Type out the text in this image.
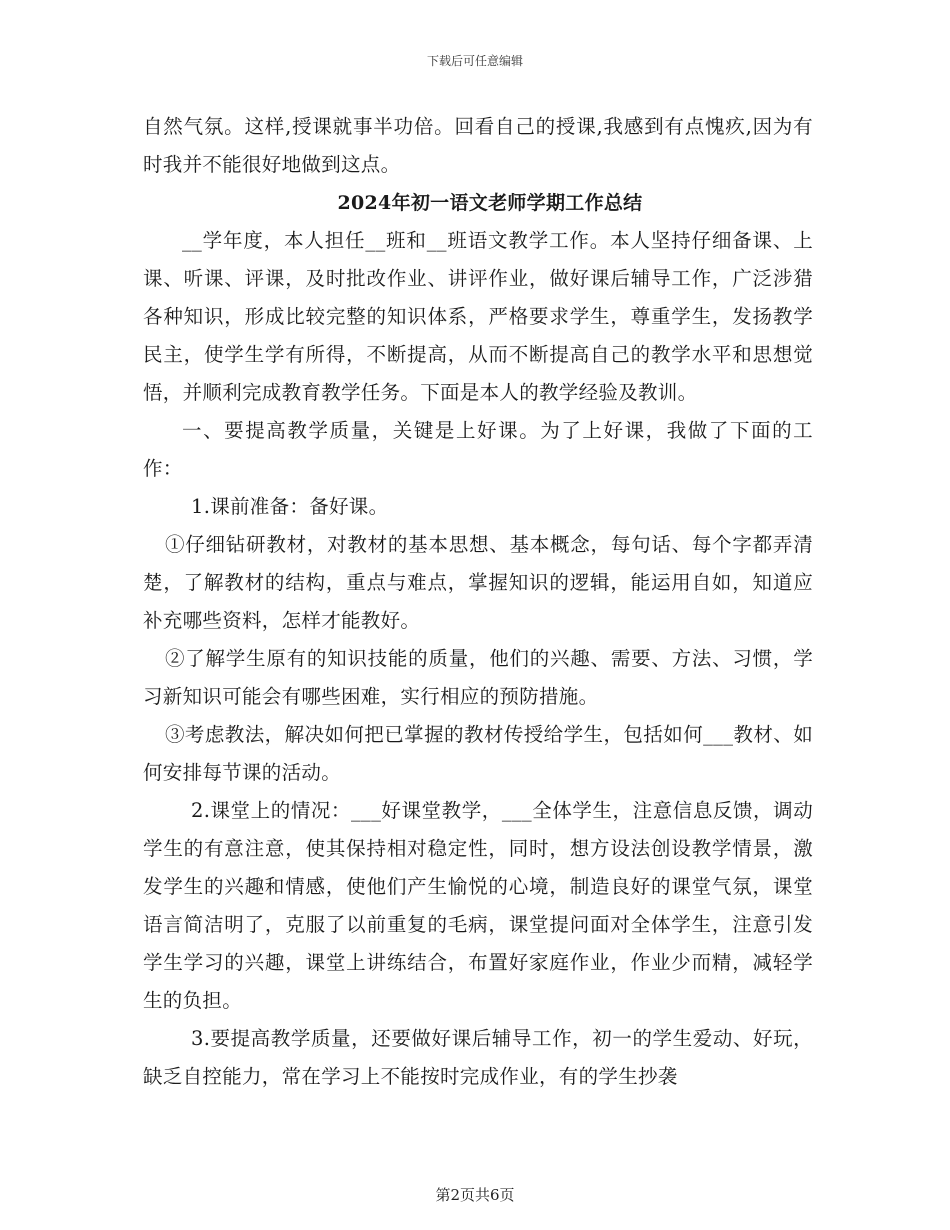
下载后可任意编辑

自然气氛。这样,授课就事半功倍。回看自己的授课,我感到有点愧疚,因为有时我并不能很好地做到这点。

2024年初一语文老师学期工作总结

__学年度，本人担任__班和__班语文教学工作。本人坚持仔细备课、上课、听课、评课，及时批改作业、讲评作业，做好课后辅导工作，广泛涉猎各种知识，形成比较完整的知识体系，严格要求学生，尊重学生，发扬教学民主，使学生学有所得，不断提高，从而不断提高自己的教学水平和思想觉悟，并顺利完成教育教学任务。下面是本人的教学经验及教训。

一、要提高教学质量，关键是上好课。为了上好课，我做了下面的工作：

1.课前准备：备好课。

①仔细钻研教材，对教材的基本思想、基本概念，每句话、每个字都弄清楚，了解教材的结构，重点与难点，掌握知识的逻辑，能运用自如，知道应补充哪些资料，怎样才能教好。

②了解学生原有的知识技能的质量，他们的兴趣、需要、方法、习惯，学习新知识可能会有哪些困难，实行相应的预防措施。

③考虑教法，解决如何把已掌握的教材传授给学生，包括如何___教材、如何安排每节课的活动。

2.课堂上的情况：___好课堂教学，___全体学生，注意信息反馈，调动学生的有意注意，使其保持相对稳定性，同时，想方设法创设教学情景，激发学生的兴趣和情感，使他们产生愉悦的心境，制造良好的课堂气氛，课堂语言简洁明了，克服了以前重复的毛病，课堂提问面对全体学生，注意引发学生学习的兴趣，课堂上讲练结合，布置好家庭作业，作业少而精，减轻学生的负担。

3.要提高教学质量，还要做好课后辅导工作，初一的学生爱动、好玩，缺乏自控能力，常在学习上不能按时完成作业，有的学生抄袭

第2页共6页
